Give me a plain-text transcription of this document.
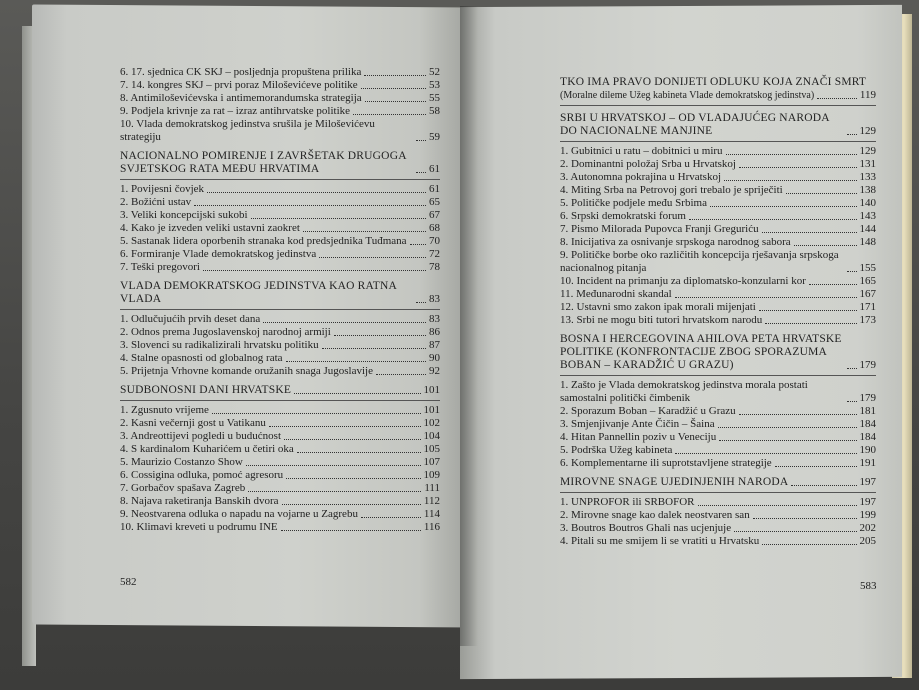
6. 17. sjednica CK SKJ – posljednja propuštena prilika	52
7. 14. kongres SKJ – prvi poraz Miloševićeve politike	53
8. Antimiloševićevska i antimemorandumska strategija	55
9. Podjela krivnje za rat – izraz antihrvatske politike	58
10. Vlada demokratskog jedinstva srušila je Miloševićevu strategiju	59
NACIONALNO POMIRENJE I ZAVRŠETAK DRUGOGA SVJETSKOG RATA MEĐU HRVATIMA	61
1. Povijesni čovjek	61
2. Božićni ustav	65
3. Veliki koncepcijski sukobi	67
4. Kako je izveden veliki ustavni zaokret	68
5. Sastanak lidera oporbenih stranaka kod predsjednika Tuđmana 70
6. Formiranje Vlade demokratskog jedinstva	72
7. Teški pregovori	78
VLADA DEMOKRATSKOG JEDINSTVA KAO RATNA VLADA	83
1. Odlučujućih prvih deset dana	83
2. Odnos prema Jugoslavenskoj narodnoj armiji	86
3. Slovenci su radikalizirali hrvatsku politiku	87
4. Stalne opasnosti od globalnog rata	90
5. Prijetnja Vrhovne komande oružanih snaga Jugoslavije	92
SUDBONOSNI DANI HRVATSKE	101
1. Zgusnuto vrijeme	101
2. Kasni večernji gost u Vatikanu	102
3. Andreottijevi pogledi u budućnost	104
4. S kardinalom Kuharićem u četiri oka	105
5. Maurizio Costanzo Show	107
6. Cossigina odluka, pomoć agresoru	109
7. Gorbačov spašava Zagreb	111
8. Najava raketiranja Banskih dvora	112
9. Neostvarena odluka o napadu na vojarne u Zagrebu	114
10. Klimavi kreveti u podrumu INE	116
TKO IMA PRAVO DONIJETI ODLUKU KOJA ZNAČI SMRT
(Moralne dileme Užeg kabineta Vlade demokratskog jedinstva)	119
SRBI U HRVATSKOJ – OD VLADAJUĆEG NARODA DO NACIONALNE MANJINE	129
1. Gubitnici u ratu – dobitnici u miru	129
2. Dominantni položaj Srba u Hrvatskoj	131
3. Autonomna pokrajina u Hrvatskoj	133
4. Miting Srba na Petrovoj gori trebalo je spriječiti	138
5. Političke podjele među Srbima	140
6. Srpski demokratski forum	143
7. Pismo Milorada Pupovca Franji Greguriću	144
8. Inicijativa za osnivanje srpskoga narodnog sabora	148
9. Političke borbe oko različitih koncepcija rješavanja srpskoga nacionalnog pitanja	155
10. Incident na primanju za diplomatsko-konzularni kor	165
11. Međunarodni skandal	167
12. Ustavni smo zakon ipak morali mijenjati	171
13. Srbi ne mogu biti tutori hrvatskom narodu	173
BOSNA I HERCEGOVINA AHILOVA PETA HRVATSKE POLITIKE (KONFRONTACIJE ZBOG SPORAZUMA BOBAN – KARADŽIĆ U GRAZU)	179
1. Zašto je Vlada demokratskog jedinstva morala postati samostalni politički čimbenik	179
2. Sporazum Boban – Karadžić u Grazu	181
3. Smjenjivanje Ante Čičin – Šaina	184
4. Hitan Pannellin poziv u Veneciju	184
5. Podrška Užeg kabineta	190
6. Komplementarne ili suprotstavljene strategije	191
MIROVNE SNAGE UJEDINJENIH NARODA	197
1. UNPROFOR ili SRBOFOR	197
2. Mirovne snage kao dalek neostvaren san	199
3. Boutros Boutros Ghali nas ucjenjuje	202
4. Pitali su me smijem li se vratiti u Hrvatsku	205
582	583
